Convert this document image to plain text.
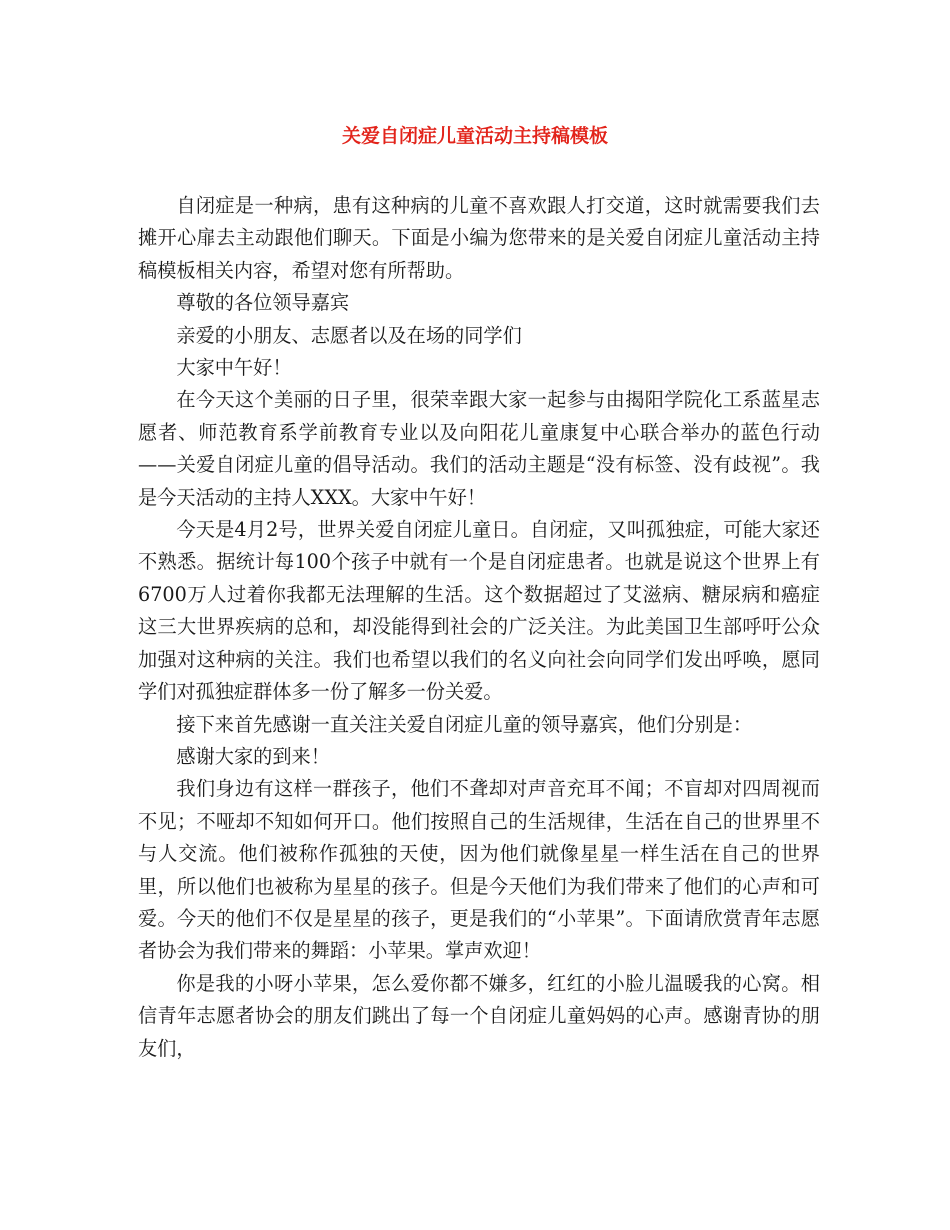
关爱自闭症儿童活动主持稿模板

自闭症是一种病，患有这种病的儿童不喜欢跟人打交道，这时就需要我们去摊开心扉去主动跟他们聊天。下面是小编为您带来的是关爱自闭症儿童活动主持稿模板相关内容，希望对您有所帮助。

尊敬的各位领导嘉宾

亲爱的小朋友、志愿者以及在场的同学们

大家中午好！

在今天这个美丽的日子里，很荣幸跟大家一起参与由揭阳学院化工系蓝星志愿者、师范教育系学前教育专业以及向阳花儿童康复中心联合举办的蓝色行动——关爱自闭症儿童的倡导活动。我们的活动主题是“没有标签、没有歧视”。我是今天活动的主持人XXX。大家中午好！

今天是4月2号，世界关爱自闭症儿童日。自闭症，又叫孤独症，可能大家还不熟悉。据统计每100个孩子中就有一个是自闭症患者。也就是说这个世界上有6700万人过着你我都无法理解的生活。这个数据超过了艾滋病、糖尿病和癌症这三大世界疾病的总和，却没能得到社会的广泛关注。为此美国卫生部呼吁公众加强对这种病的关注。我们也希望以我们的名义向社会向同学们发出呼唤，愿同学们对孤独症群体多一份了解多一份关爱。

接下来首先感谢一直关注关爱自闭症儿童的领导嘉宾，他们分别是：

感谢大家的到来！

我们身边有这样一群孩子，他们不聋却对声音充耳不闻；不盲却对四周视而不见；不哑却不知如何开口。他们按照自己的生活规律，生活在自己的世界里不与人交流。他们被称作孤独的天使，因为他们就像星星一样生活在自己的世界里，所以他们也被称为星星的孩子。但是今天他们为我们带来了他们的心声和可爱。今天的他们不仅是星星的孩子，更是我们的“小苹果”。下面请欣赏青年志愿者协会为我们带来的舞蹈：小苹果。掌声欢迎！

你是我的小呀小苹果，怎么爱你都不嫌多，红红的小脸儿温暖我的心窝。相信青年志愿者协会的朋友们跳出了每一个自闭症儿童妈妈的心声。感谢青协的朋友们，
